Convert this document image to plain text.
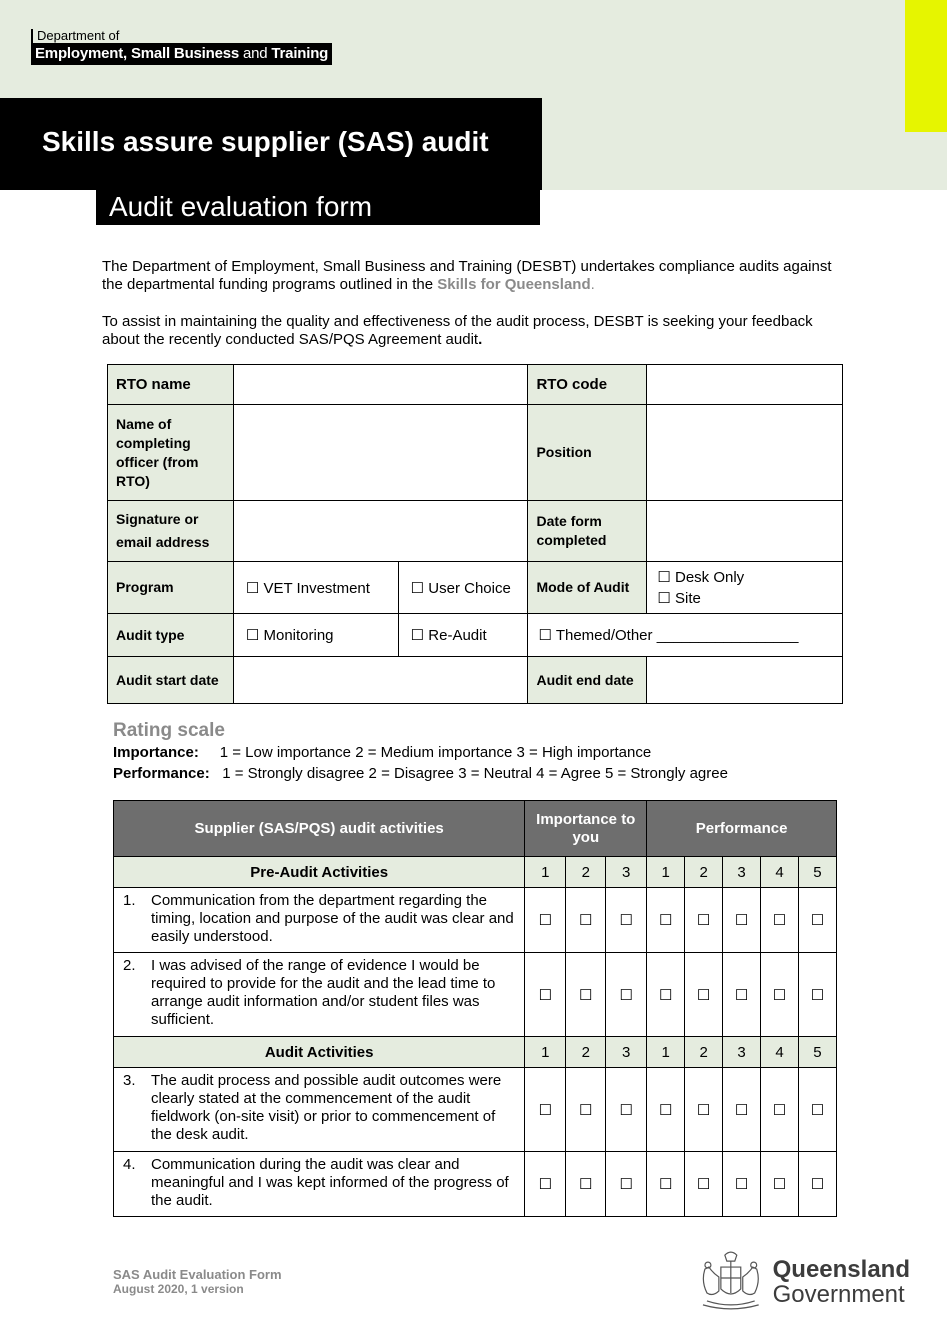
Department of
Employment, Small Business and Training
Skills assure supplier (SAS) audit
Audit evaluation form

The Department of Employment, Small Business and Training (DESBT) undertakes compliance audits against the departmental funding programs outlined in the Skills for Queensland.

To assist in maintaining the quality and effectiveness of the audit process, DESBT is seeking your feedback about the recently conducted SAS/PQS Agreement audit.

RTO name			RTO code	
Name of completing officer (from RTO)			Position	
Signature or email address			Date form completed	
Program	☐ VET Investment	☐ User Choice	Mode of Audit	☐ Desk Only
☐ Site

Audit type	☐ Monitoring	☐ Re-Audit	☐ Themed/Other _________________	
Audit start date			Audit end date	
Rating scale

Importance: 1 = Low importance 2 = Medium importance 3 = High importance

Performance: 1 = Strongly disagree 2 = Disagree 3 = Neutral 4 = Agree 5 = Strongly agree

Supplier (SAS/PQS) audit activities	Importance to you			Performance				
Pre-Audit Activities	1	2	3	1	2	3	4	5

1. Communication from the department regarding the timing, location and purpose of the audit was clear and easily understood.	☐	☐	☐	☐	☐	☐	☐	☐

2. I was advised of the range of evidence I would be required to provide for the audit and the lead time to arrange audit information and/or student files was sufficient.	☐	☐	☐	☐	☐	☐	☐	☐
Audit Activities	1	2	3	1	2	3	4	5

3. The audit process and possible audit outcomes were clearly stated at the commencement of the audit fieldwork (on-site visit) or prior to commencement of the desk audit.	☐	☐	☐	☐	☐	☐	☐	☐

4. Communication during the audit was clear and meaningful and I was kept informed of the progress of the audit.	☐	☐	☐	☐	☐	☐	☐	☐
SAS Audit Evaluation Form
August 2020, 1 version
Queensland
Government
